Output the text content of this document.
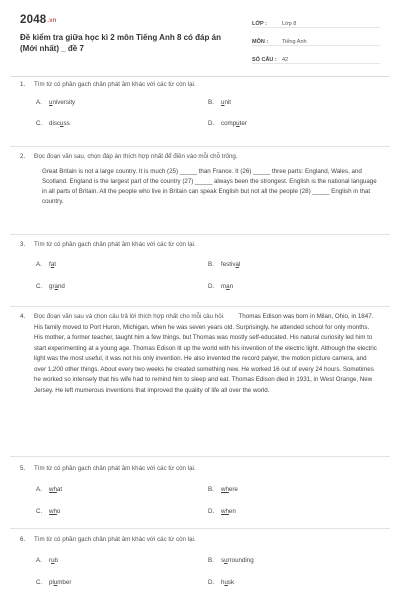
2048.vn
Đề kiểm tra giữa học kì 2 môn Tiếng Anh 8 có đáp án (Mới nhất) _ đề 7
LỚP :	Lớp 8
MÔN :	Tiếng Anh
SỐ CÂU : 42
1.	Tìm từ có phần gạch chân phát âm khác với các từ còn lại.
A.	university	B.	unit
C.	discuss	D.	computer
2.	Đọc đoạn văn sau, chọn đáp án thích hợp nhất để điền vào mỗi chỗ trống.
Great Britain is not a large country. It is much (25) _____ than France. It (26) _____ three parts: England, Wales, and Scotland. England is the largest part of the country (27) _____ always been the strongest. English is the national language in all parts of Britain. All the people who live in Britain can speak English but not all the people (28) _____ English in that country.
3.	Tìm từ có phần gạch chân phát âm khác với các từ còn lại.
A.	fat	B.	festival
C.	grand	D.	man
4.	Đọc đoạn văn sau và chọn câu trả lời thích hợp nhất cho mỗi câu hỏi. Thomas Edison was born in Milan, Ohio, in 1847. His family moved to Port Huron, Michigan, when he was seven years old. Surprisingly, he attended school for only months. His mother, a former teacher, taught him a few things, but Thomas was mostly self-educated. His natural curiosity led him to start experimenting at a young age. Thomas Edison lit up the world with his invention of the electric light. Although the electric light was the most useful, it was not his only invention. He also invented the record palyer, the motion picture camera, and over 1,200 other things. About every two weeks he created something new. He worked 16 out of every 24 hours. Sometimes he worked so intensely that his wife had to remind him to sleep and eat. Thomas Edison died in 1931, in West Orange, New Jersey. He left mumerous inventions that improved the quality of life all over the world.
5.	Tìm từ có phần gạch chân phát âm khác với các từ còn lại.
A.	what	B.	where
C.	who	D.	when
6.	Tìm từ có phần gạch chân phát âm khác với các từ còn lại.
A.	rub	B.	surrounding
C.	plumber	D.	husk
